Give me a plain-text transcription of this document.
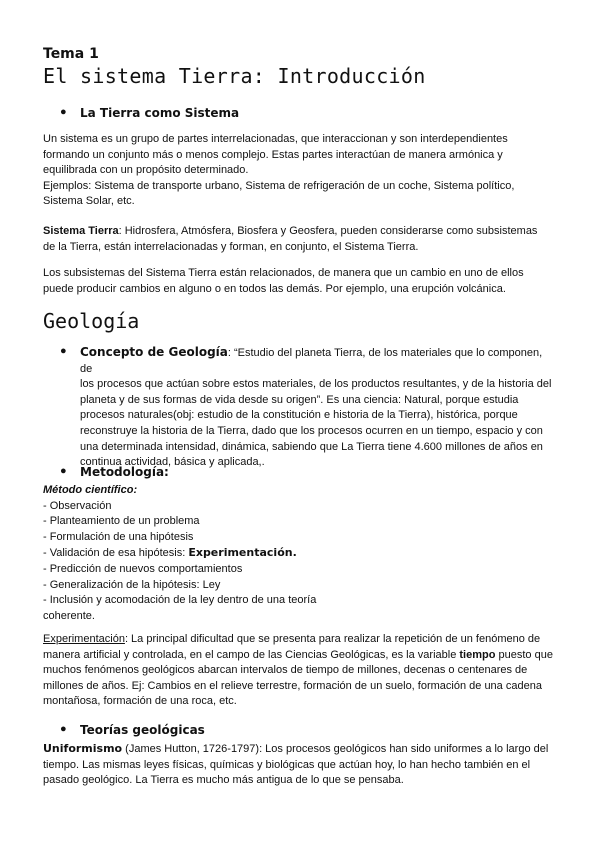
Tema 1
El sistema Tierra: Introducción
● La Tierra como Sistema

Un sistema es un grupo de partes interrelacionadas, que interaccionan y son interdependientes

formando un conjunto más o menos complejo. Estas partes interactúan de manera armónica y

equilibrada con un propósito determinado.

Ejemplos: Sistema de transporte urbano, Sistema de refrigeración de un coche, Sistema político,

Sistema Solar, etc.

Sistema Tierra: Hidrosfera, Atmósfera, Biosfera y Geosfera, pueden considerarse como subsistemas

de la Tierra, están interrelacionadas y forman, en conjunto, el Sistema Tierra.

Los subsistemas del Sistema Tierra están relacionados, de manera que un cambio en uno de ellos

puede producir cambios en alguno o en todos las demás. Por ejemplo, una erupción volcánica.

Geología
● Concepto de Geología: “Estudio del planeta Tierra, de los materiales que lo componen, de

los procesos que actúan sobre estos materiales, de los productos resultantes, y de la historia del

planeta y de sus formas de vida desde su origen”. Es una ciencia: Natural, porque estudia

procesos naturales(obj: estudio de la constitución e historia de la Tierra), histórica, porque

reconstruye la historia de la Tierra, dado que los procesos ocurren en un tiempo, espacio y con

una determinada intensidad, dinámica, sabiendo que La Tierra tiene 4.600 millones de años en

continua actividad, básica y aplicada,.

● Metodología:

Método científico:

- Observación

- Planteamiento de un problema

- Formulación de una hipótesis

- Validación de esa hipótesis: Experimentación.

- Predicción de nuevos comportamientos

- Generalización de la hipótesis: Ley

- Inclusión y acomodación de la ley dentro de una teoría

coherente.

Experimentación: La principal dificultad que se presenta para realizar la repetición de un fenómeno de

manera artificial y controlada, en el campo de las Ciencias Geológicas, es la variable tiempo puesto que

muchos fenómenos geológicos abarcan intervalos de tiempo de millones, decenas o centenares de

millones de años. Ej: Cambios en el relieve terrestre, formación de un suelo, formación de una cadena

montañosa, formación de una roca, etc.

● Teorías geológicas

Uniformismo (James Hutton, 1726-1797): Los procesos geológicos han sido uniformes a lo largo del

tiempo. Las mismas leyes físicas, químicas y biológicas que actúan hoy, lo han hecho también en el

pasado geológico. La Tierra es mucho más antigua de lo que se pensaba.
